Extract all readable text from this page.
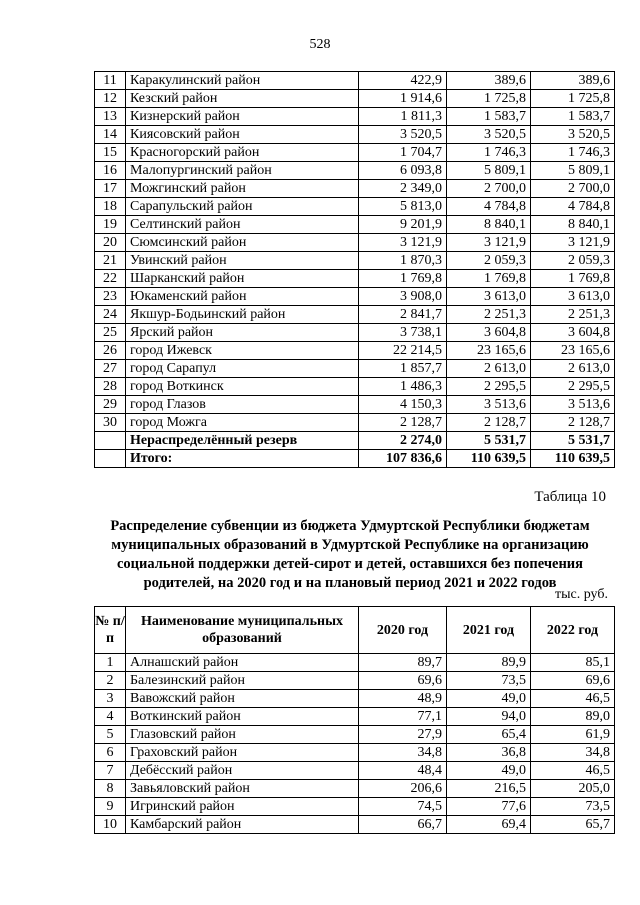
528
11	Каракулинский район	422,9	389,6	389,6
12	Кезский район	1 914,6	1 725,8	1 725,8
13	Кизнерский район	1 811,3	1 583,7	1 583,7
14	Киясовский район	3 520,5	3 520,5	3 520,5
15	Красногорский район	1 704,7	1 746,3	1 746,3
16	Малопургинский район	6 093,8	5 809,1	5 809,1
17	Можгинский район	2 349,0	2 700,0	2 700,0
18	Сарапульский район	5 813,0	4 784,8	4 784,8
19	Селтинский район	9 201,9	8 840,1	8 840,1
20	Сюмсинский район	3 121,9	3 121,9	3 121,9
21	Увинский район	1 870,3	2 059,3	2 059,3
22	Шарканский район	1 769,8	1 769,8	1 769,8
23	Юкаменский район	3 908,0	3 613,0	3 613,0
24	Якшур-Бодьинский район	2 841,7	2 251,3	2 251,3
25	Ярский район	3 738,1	3 604,8	3 604,8
26	город Ижевск	22 214,5	23 165,6	23 165,6
27	город Сарапул	1 857,7	2 613,0	2 613,0
28	город Воткинск	1 486,3	2 295,5	2 295,5
29	город Глазов	4 150,3	3 513,6	3 513,6
30	город Можга	2 128,7	2 128,7	2 128,7
	Нераспределённый резерв	2 274,0	5 531,7	5 531,7
	Итого:	107 836,6	110 639,5	110 639,5
Таблица 10
Распределение субвенции из бюджета Удмуртской Республики бюджетам муниципальных образований в Удмуртской Республике на организацию социальной поддержки детей-сирот и детей, оставшихся без попечения родителей, на 2020 год и на плановый период 2021 и 2022 годов
тыс. руб.
№ п/п	Наименование муниципальных образований	2020 год	2021 год	2022 год
1	Алнашский район	89,7	89,9	85,1
2	Балезинский район	69,6	73,5	69,6
3	Вавожский район	48,9	49,0	46,5
4	Воткинский район	77,1	94,0	89,0
5	Глазовский район	27,9	65,4	61,9
6	Граховский район	34,8	36,8	34,8
7	Дебёсский район	48,4	49,0	46,5
8	Завьяловский район	206,6	216,5	205,0
9	Игринский район	74,5	77,6	73,5
10	Камбарский район	66,7	69,4	65,7
